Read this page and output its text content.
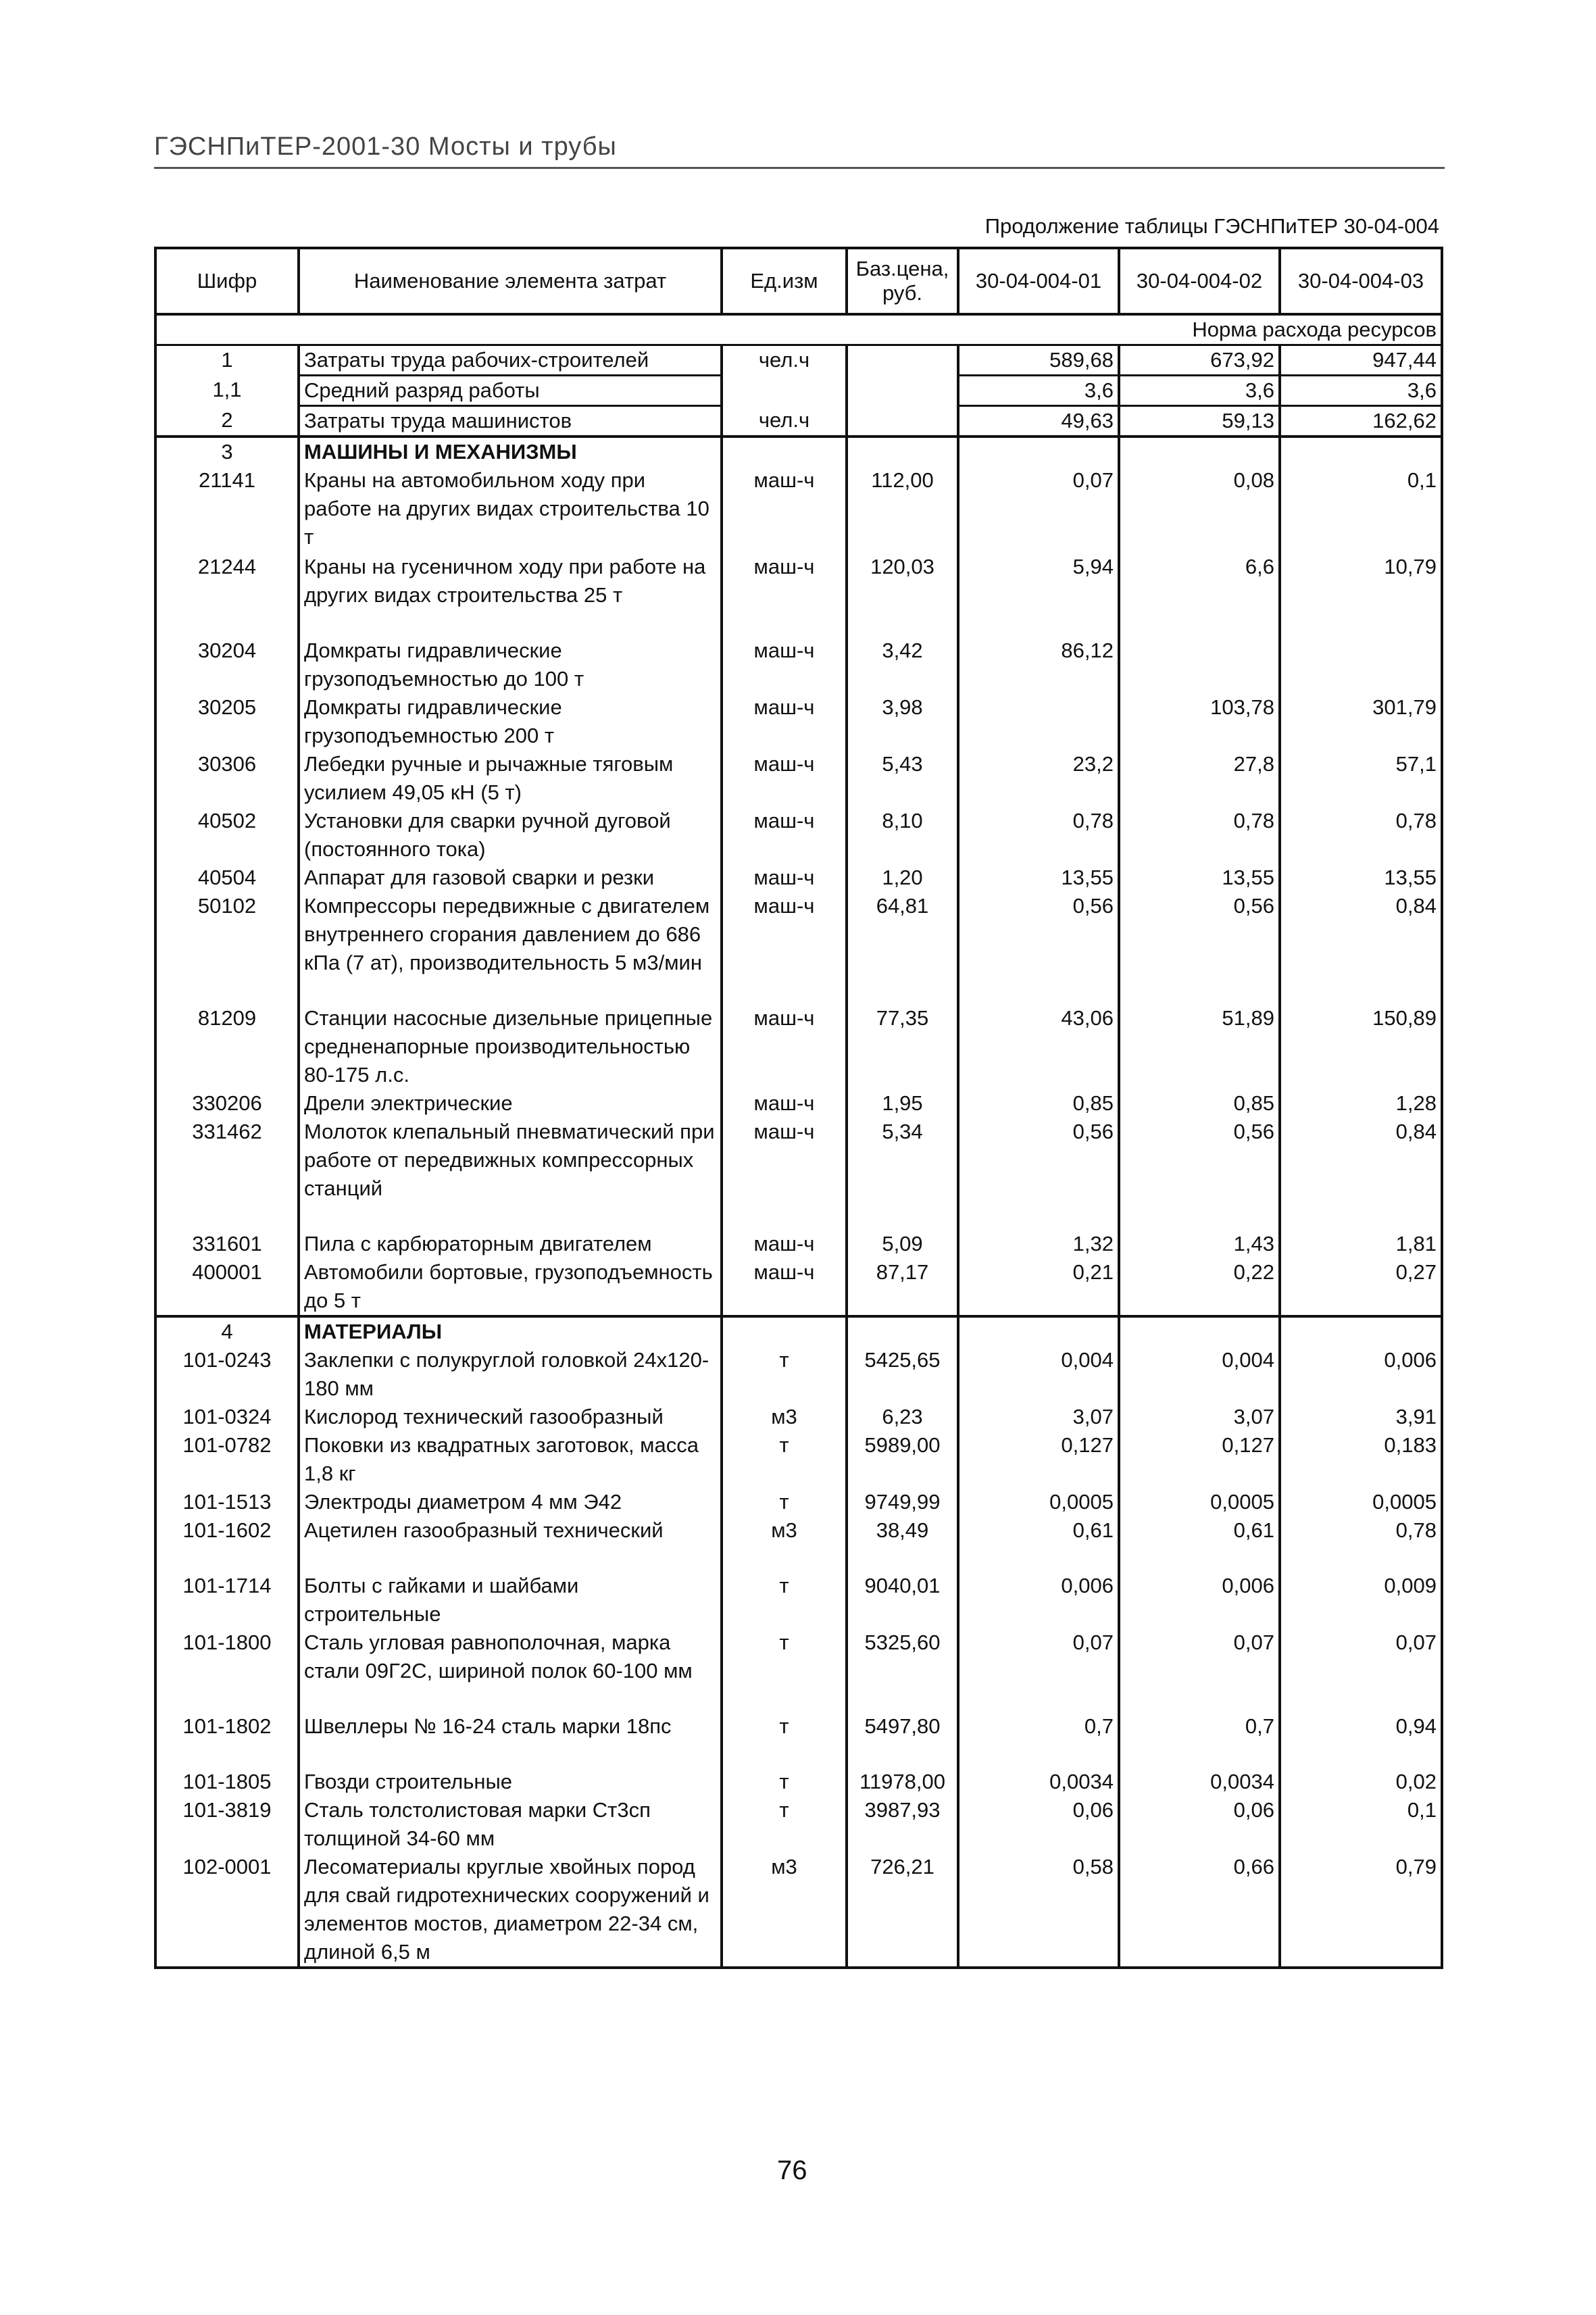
ГЭСНПиТЕР-2001-30 Мосты и трубы
Продолжение таблицы ГЭСНПиТЕР 30-04-004
Шифр	Наименование элемента затрат	Ед.изм	Баз.цена, руб.	30-04-004-01	30-04-004-02	30-04-004-03
Норма расхода ресурсов						
1	Затраты труда рабочих-строителей	чел.ч		589,68	673,92	947,44
1,1	Средний разряд работы			3,6	3,6	3,6
2	Затраты труда машинистов	чел.ч		49,63	59,13	162,62
3	МАШИНЫ И МЕХАНИЗМЫ					
21141	Краны на автомобильном ходу при работе на других видах строительства 10 т	маш-ч	112,00	0,07	0,08	0,1
21244	Краны на гусеничном ходу при работе на других видах строительства 25 т	маш-ч	120,03	5,94	6,6	10,79
30204	Домкраты гидравлические грузоподъемностью до 100 т	маш-ч	3,42	86,12		
30205	Домкраты гидравлические грузоподъемностью 200 т	маш-ч	3,98		103,78	301,79
30306	Лебедки ручные и рычажные тяговым усилием 49,05 кН (5 т)	маш-ч	5,43	23,2	27,8	57,1
40502	Установки для сварки ручной дуговой (постоянного тока)	маш-ч	8,10	0,78	0,78	0,78
40504	Аппарат для газовой сварки и резки	маш-ч	1,20	13,55	13,55	13,55
50102	Компрессоры передвижные с двигателем внутреннего сгорания давлением до 686 кПа (7 ат), производительность 5 м3/мин	маш-ч	64,81	0,56	0,56	0,84
81209	Станции насосные дизельные прицепные средненапорные производительностью 80-175 л.с.	маш-ч	77,35	43,06	51,89	150,89
330206	Дрели электрические	маш-ч	1,95	0,85	0,85	1,28
331462	Молоток клепальный пневматический при работе от передвижных компрессорных станций	маш-ч	5,34	0,56	0,56	0,84
331601	Пила с карбюраторным двигателем	маш-ч	5,09	1,32	1,43	1,81
400001	Автомобили бортовые, грузоподъемность до 5 т	маш-ч	87,17	0,21	0,22	0,27
4	МАТЕРИАЛЫ					
101-0243	Заклепки с полукруглой головкой 24х120-180 мм	т	5425,65	0,004	0,004	0,006
101-0324	Кислород технический газообразный	м3	6,23	3,07	3,07	3,91
101-0782	Поковки из квадратных заготовок, масса 1,8 кг	т	5989,00	0,127	0,127	0,183
101-1513	Электроды диаметром 4 мм Э42	т	9749,99	0,0005	0,0005	0,0005
101-1602	Ацетилен газообразный технический	м3	38,49	0,61	0,61	0,78
101-1714	Болты с гайками и шайбами строительные	т	9040,01	0,006	0,006	0,009
101-1800	Сталь угловая равнополочная, марка стали 09Г2С, шириной полок 60-100 мм	т	5325,60	0,07	0,07	0,07
101-1802	Швеллеры № 16-24 сталь марки 18пс	т	5497,80	0,7	0,7	0,94
101-1805	Гвозди строительные	т	11978,00	0,0034	0,0034	0,02
101-3819	Сталь толстолистовая марки Ст3сп толщиной 34-60 мм	т	3987,93	0,06	0,06	0,1
102-0001	Лесоматериалы круглые хвойных пород для свай гидротехнических сооружений и элементов мостов, диаметром 22-34 см, длиной 6,5 м	м3	726,21	0,58	0,66	0,79
76
